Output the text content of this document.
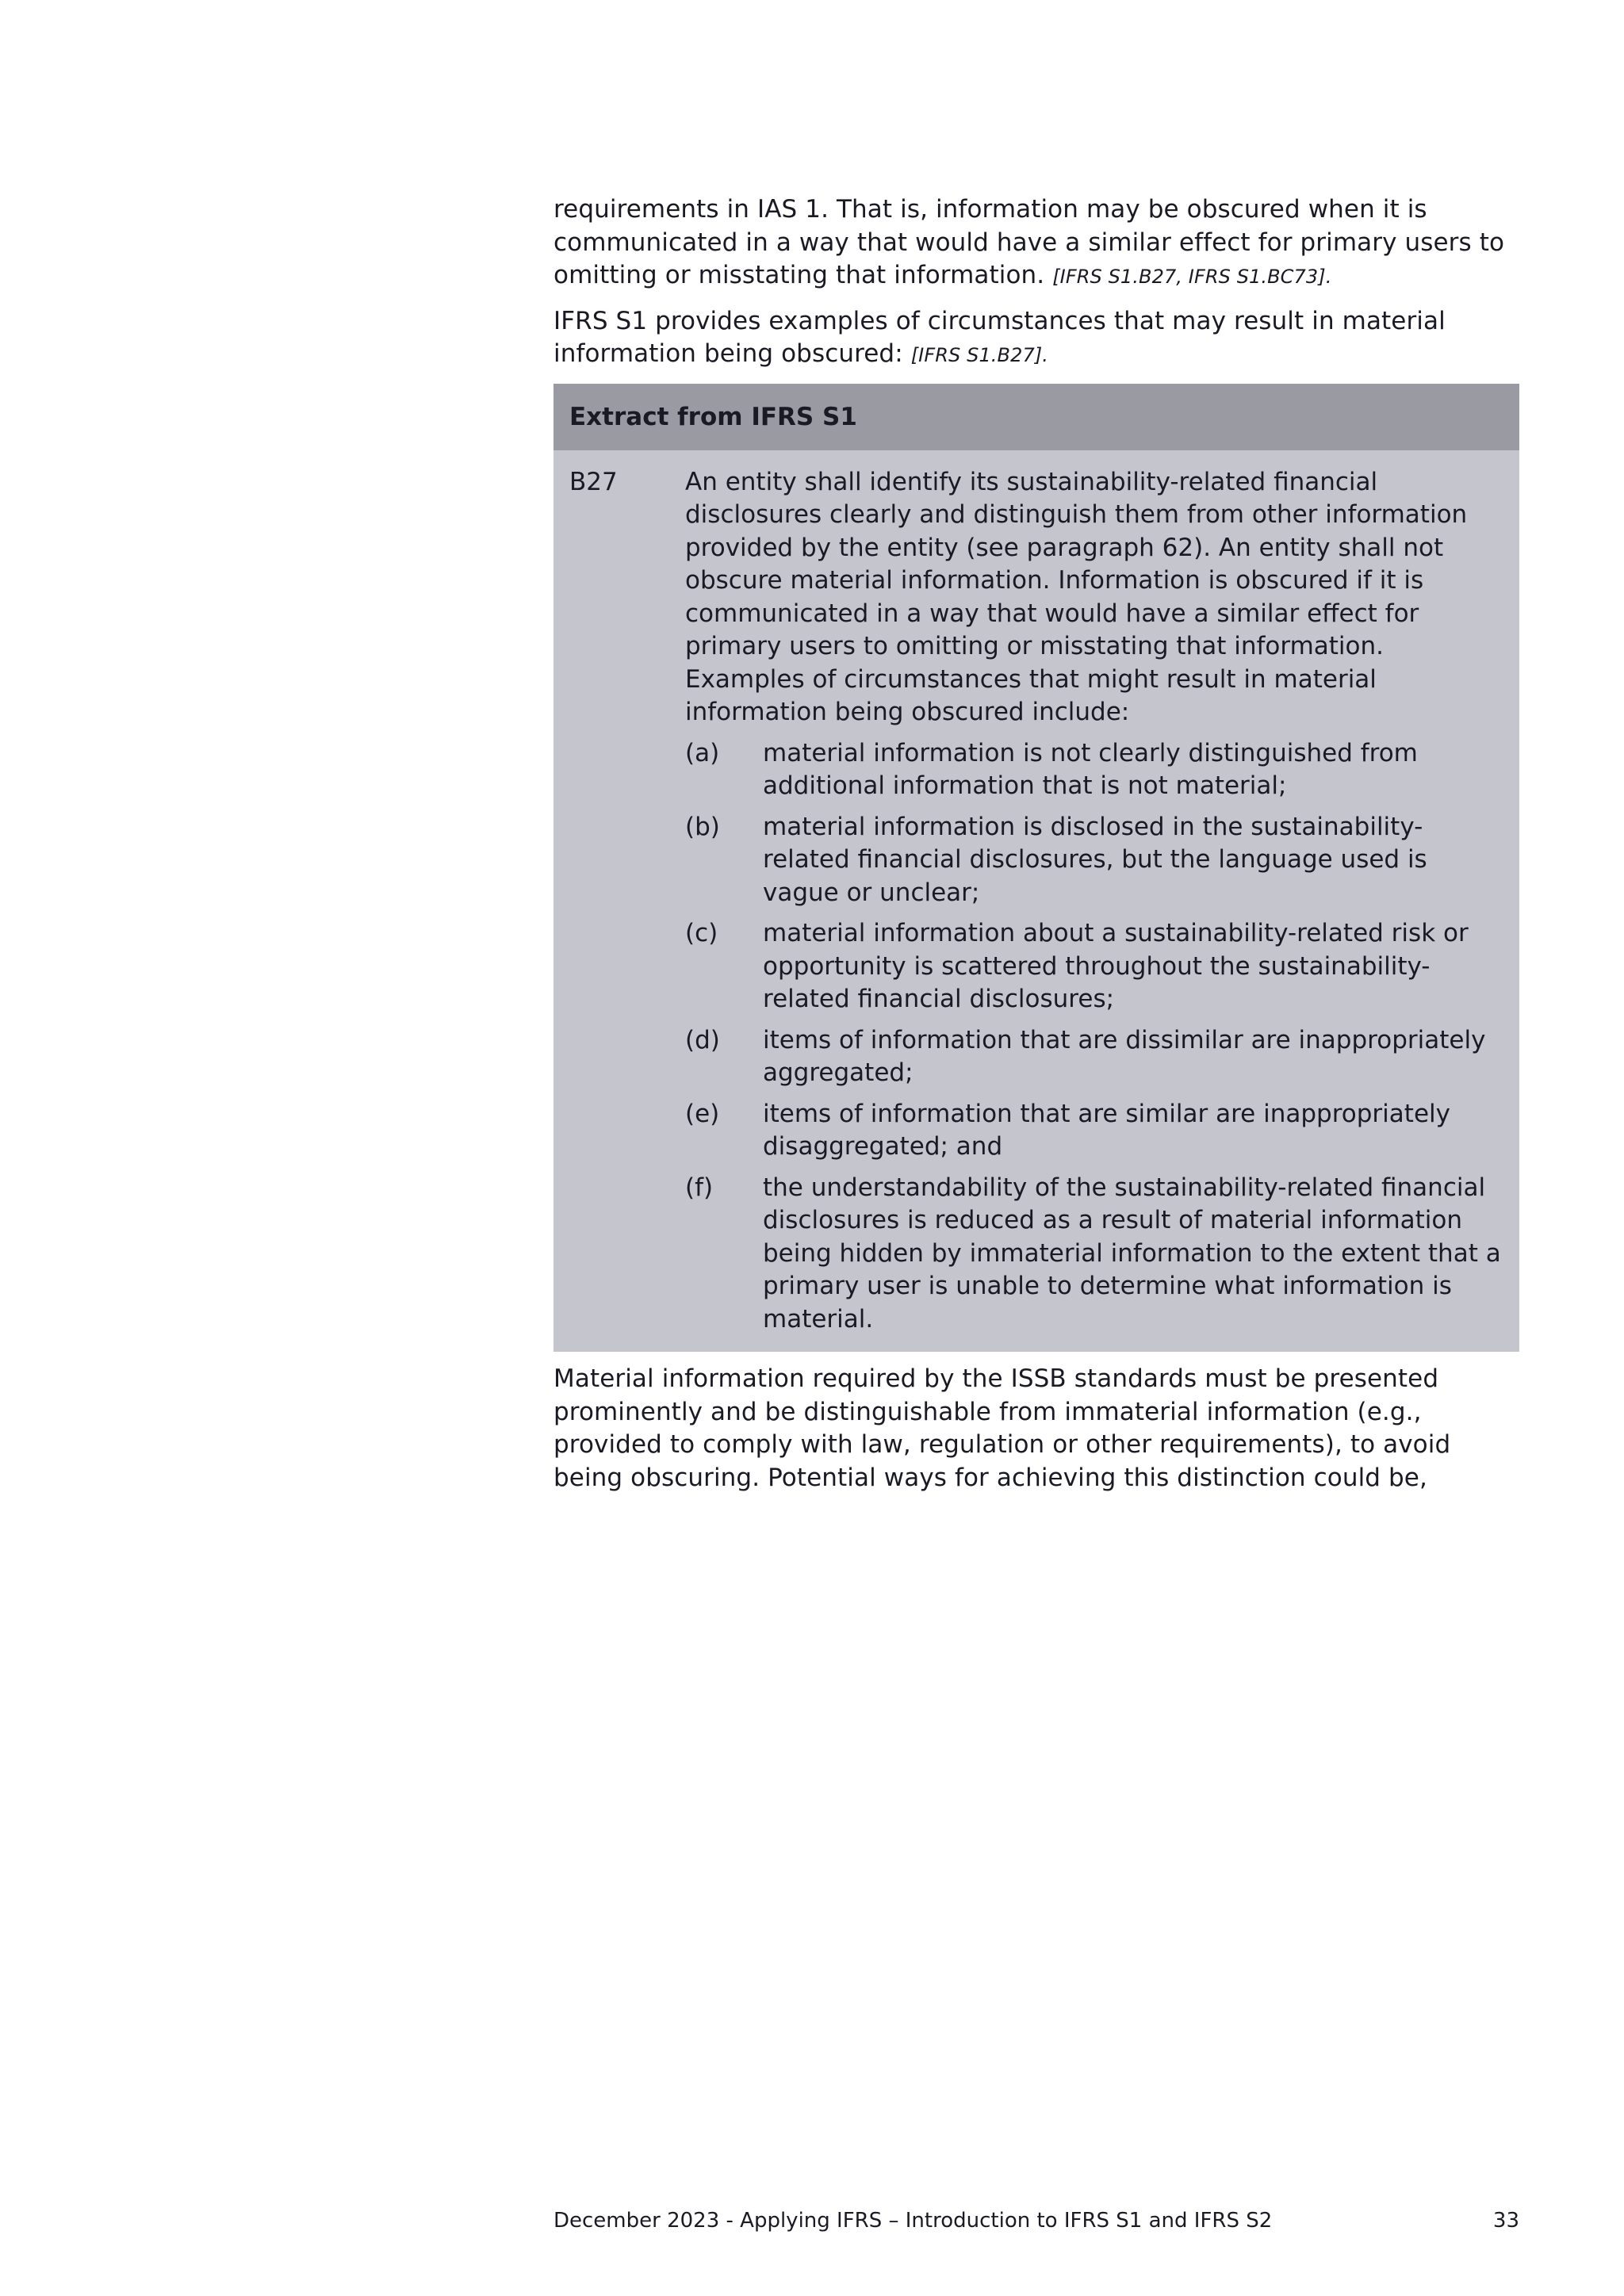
requirements in IAS 1. That is, information may be obscured when it is communicated in a way that would have a similar effect for primary users to omitting or misstating that information. [IFRS S1.B27, IFRS S1.BC73].

IFRS S1 provides examples of circumstances that may result in material information being obscured: [IFRS S1.B27].

Extract from IFRS S1
B27	An entity shall identify its sustainability-related financial disclosures clearly and distinguish them from other information provided by the entity (see paragraph 62). An entity shall not obscure material information. Information is obscured if it is communicated in a way that would have a similar effect for primary users to omitting or misstating that information. Examples of circumstances that might result in material information being obscured include:

(a)	material information is not clearly distinguished from additional information that is not material;
(b)	material information is disclosed in the sustainability-related financial disclosures, but the language used is vague or unclear;
(c)	material information about a sustainability-related risk or opportunity is scattered throughout the sustainability-related financial disclosures;
(d)	items of information that are dissimilar are inappropriately aggregated;
(e)	items of information that are similar are inappropriately disaggregated; and
(f)	the understandability of the sustainability-related financial disclosures is reduced as a result of material information being hidden by immaterial information to the extent that a primary user is unable to determine what information is material.

Material information required by the ISSB standards must be presented prominently and be distinguishable from immaterial information (e.g., provided to comply with law, regulation or other requirements), to avoid being obscuring. Potential ways for achieving this distinction could be,

December 2023 - Applying IFRS – Introduction to IFRS S1 and IFRS S2	33
